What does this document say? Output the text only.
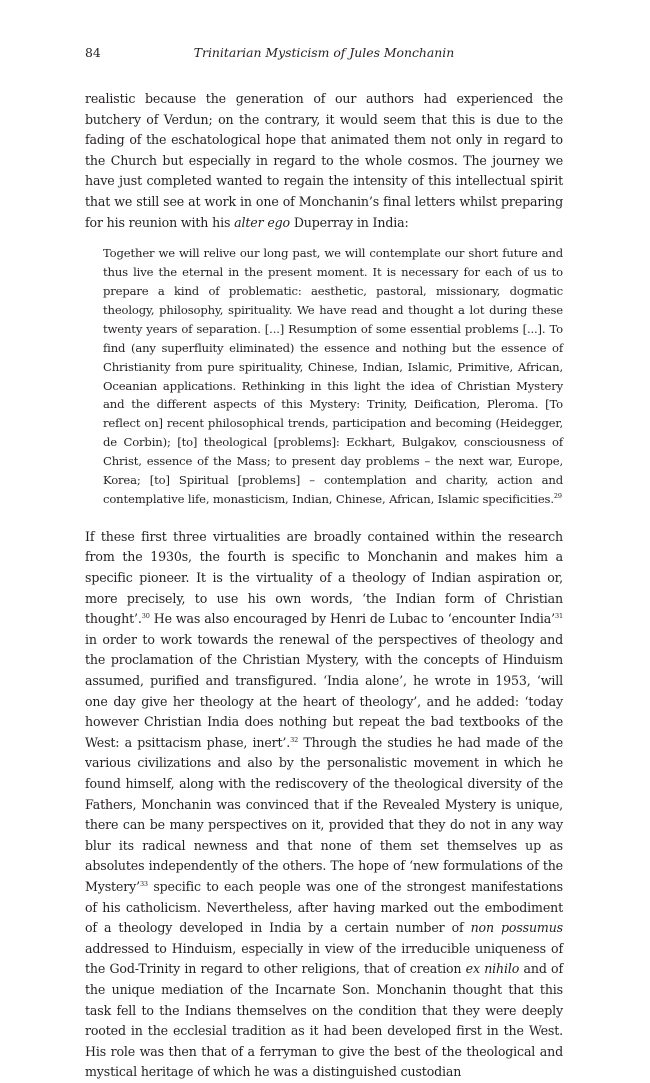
84	Trinitarian Mysticism of Jules Monchanin

realistic because the generation of our authors had experienced the butchery of Verdun; on the contrary, it would seem that this is due to the fading of the eschatological hope that animated them not only in regard to the Church but especially in regard to the whole cosmos. The journey we have just completed wanted to regain the intensity of this intellectual spirit that we still see at work in one of Monchanin’s final letters whilst preparing for his reunion with his alter ego Duperray in India:

Together we will relive our long past, we will contemplate our short future and thus live the eternal in the present moment. It is necessary for each of us to prepare a kind of problematic: aesthetic, pastoral, missionary, dogmatic theology, philosophy, spirituality. We have read and thought a lot during these twenty years of separation. [...] Resumption of some essential problems [...]. To find (any superfluity eliminated) the essence and nothing but the essence of Christianity from pure spirituality, Chinese, Indian, Islamic, Primitive, African, Oceanian applications. Rethinking in this light the idea of Christian Mystery and the different aspects of this Mystery: Trinity, Deification, Pleroma. [To reflect on] recent philosophical trends, participation and becoming (Heidegger, de Corbin); [to] theological [problems]: Eckhart, Bulgakov, consciousness of Christ, essence of the Mass; to present day problems – the next war, Europe, Korea; [to] Spiritual [problems] – contemplation and charity, action and contemplative life, monasticism, Indian, Chinese, African, Islamic specificities.$^{29}$

If these first three virtualities are broadly contained within the research from the 1930s, the fourth is specific to Monchanin and makes him a specific pioneer. It is the virtuality of a theology of Indian aspiration or, more precisely, to use his own words, ‘the Indian form of Christian thought’.$^{30}$ He was also encouraged by Henri de Lubac to ‘encounter India’$^{31}$ in order to work towards the renewal of the perspectives of theology and the proclamation of the Christian Mystery, with the concepts of Hinduism assumed, purified and transfigured. ‘India alone’, he wrote in 1953, ‘will one day give her theology at the heart of theology’, and he added: ‘today however Christian India does nothing but repeat the bad textbooks of the West: a psittacism phase, inert’.$^{32}$ Through the studies he had made of the various civilizations and also by the personalistic movement in which he found himself, along with the rediscovery of the theological diversity of the Fathers, Monchanin was convinced that if the Revealed Mystery is unique, there can be many perspectives on it, provided that they do not in any way blur its radical newness and that none of them set themselves up as absolutes independently of the others. The hope of ‘new formulations of the Mystery’$^{33}$ specific to each people was one of the strongest manifestations of his catholicism. Nevertheless, after having marked out the embodiment of a theology developed in India by a certain number of non possumus addressed to Hinduism, especially in view of the irreducible uniqueness of the God-Trinity in regard to other religions, that of creation ex nihilo and of the unique mediation of the Incarnate Son. Monchanin thought that this task fell to the Indians themselves on the condition that they were deeply rooted in the ecclesial tradition as it had been developed first in the West. His role was then that of a ferryman to give the best of the theological and mystical heritage of which he was a distinguished custodian
